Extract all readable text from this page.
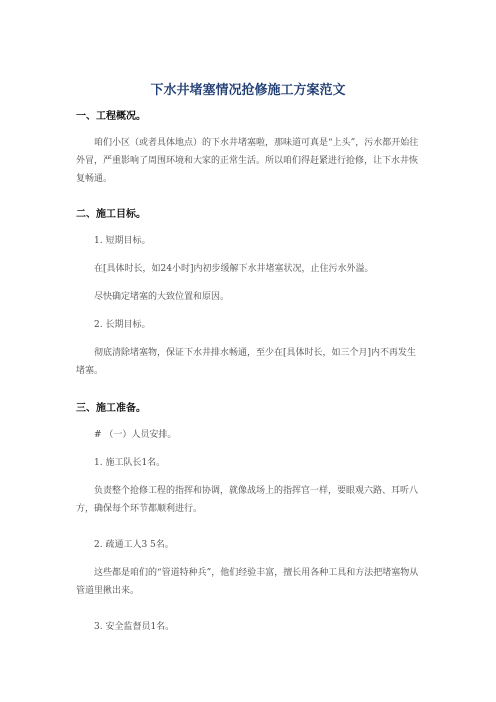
下水井堵塞情况抢修施工方案范文
一、工程概况。
咱们小区（或者具体地点）的下水井堵塞啦，那味道可真是“上头”，污水都开始往外冒，严重影响了周围环境和大家的正常生活。所以咱们得赶紧进行抢修，让下水井恢复畅通。
二、施工目标。
1. 短期目标。
在[具体时长，如24小时]内初步缓解下水井堵塞状况，止住污水外溢。
尽快确定堵塞的大致位置和原因。
2. 长期目标。
彻底清除堵塞物，保证下水井排水畅通，至少在[具体时长，如三个月]内不再发生堵塞。
三、施工准备。
# （一）人员安排。
1. 施工队长1名。
负责整个抢修工程的指挥和协调，就像战场上的指挥官一样，要眼观六路、耳听八方，确保每个环节都顺利进行。
2. 疏通工人3 5名。
这些都是咱们的“管道特种兵”，他们经验丰富，擅长用各种工具和方法把堵塞物从管道里揪出来。
3. 安全监督员1名。
